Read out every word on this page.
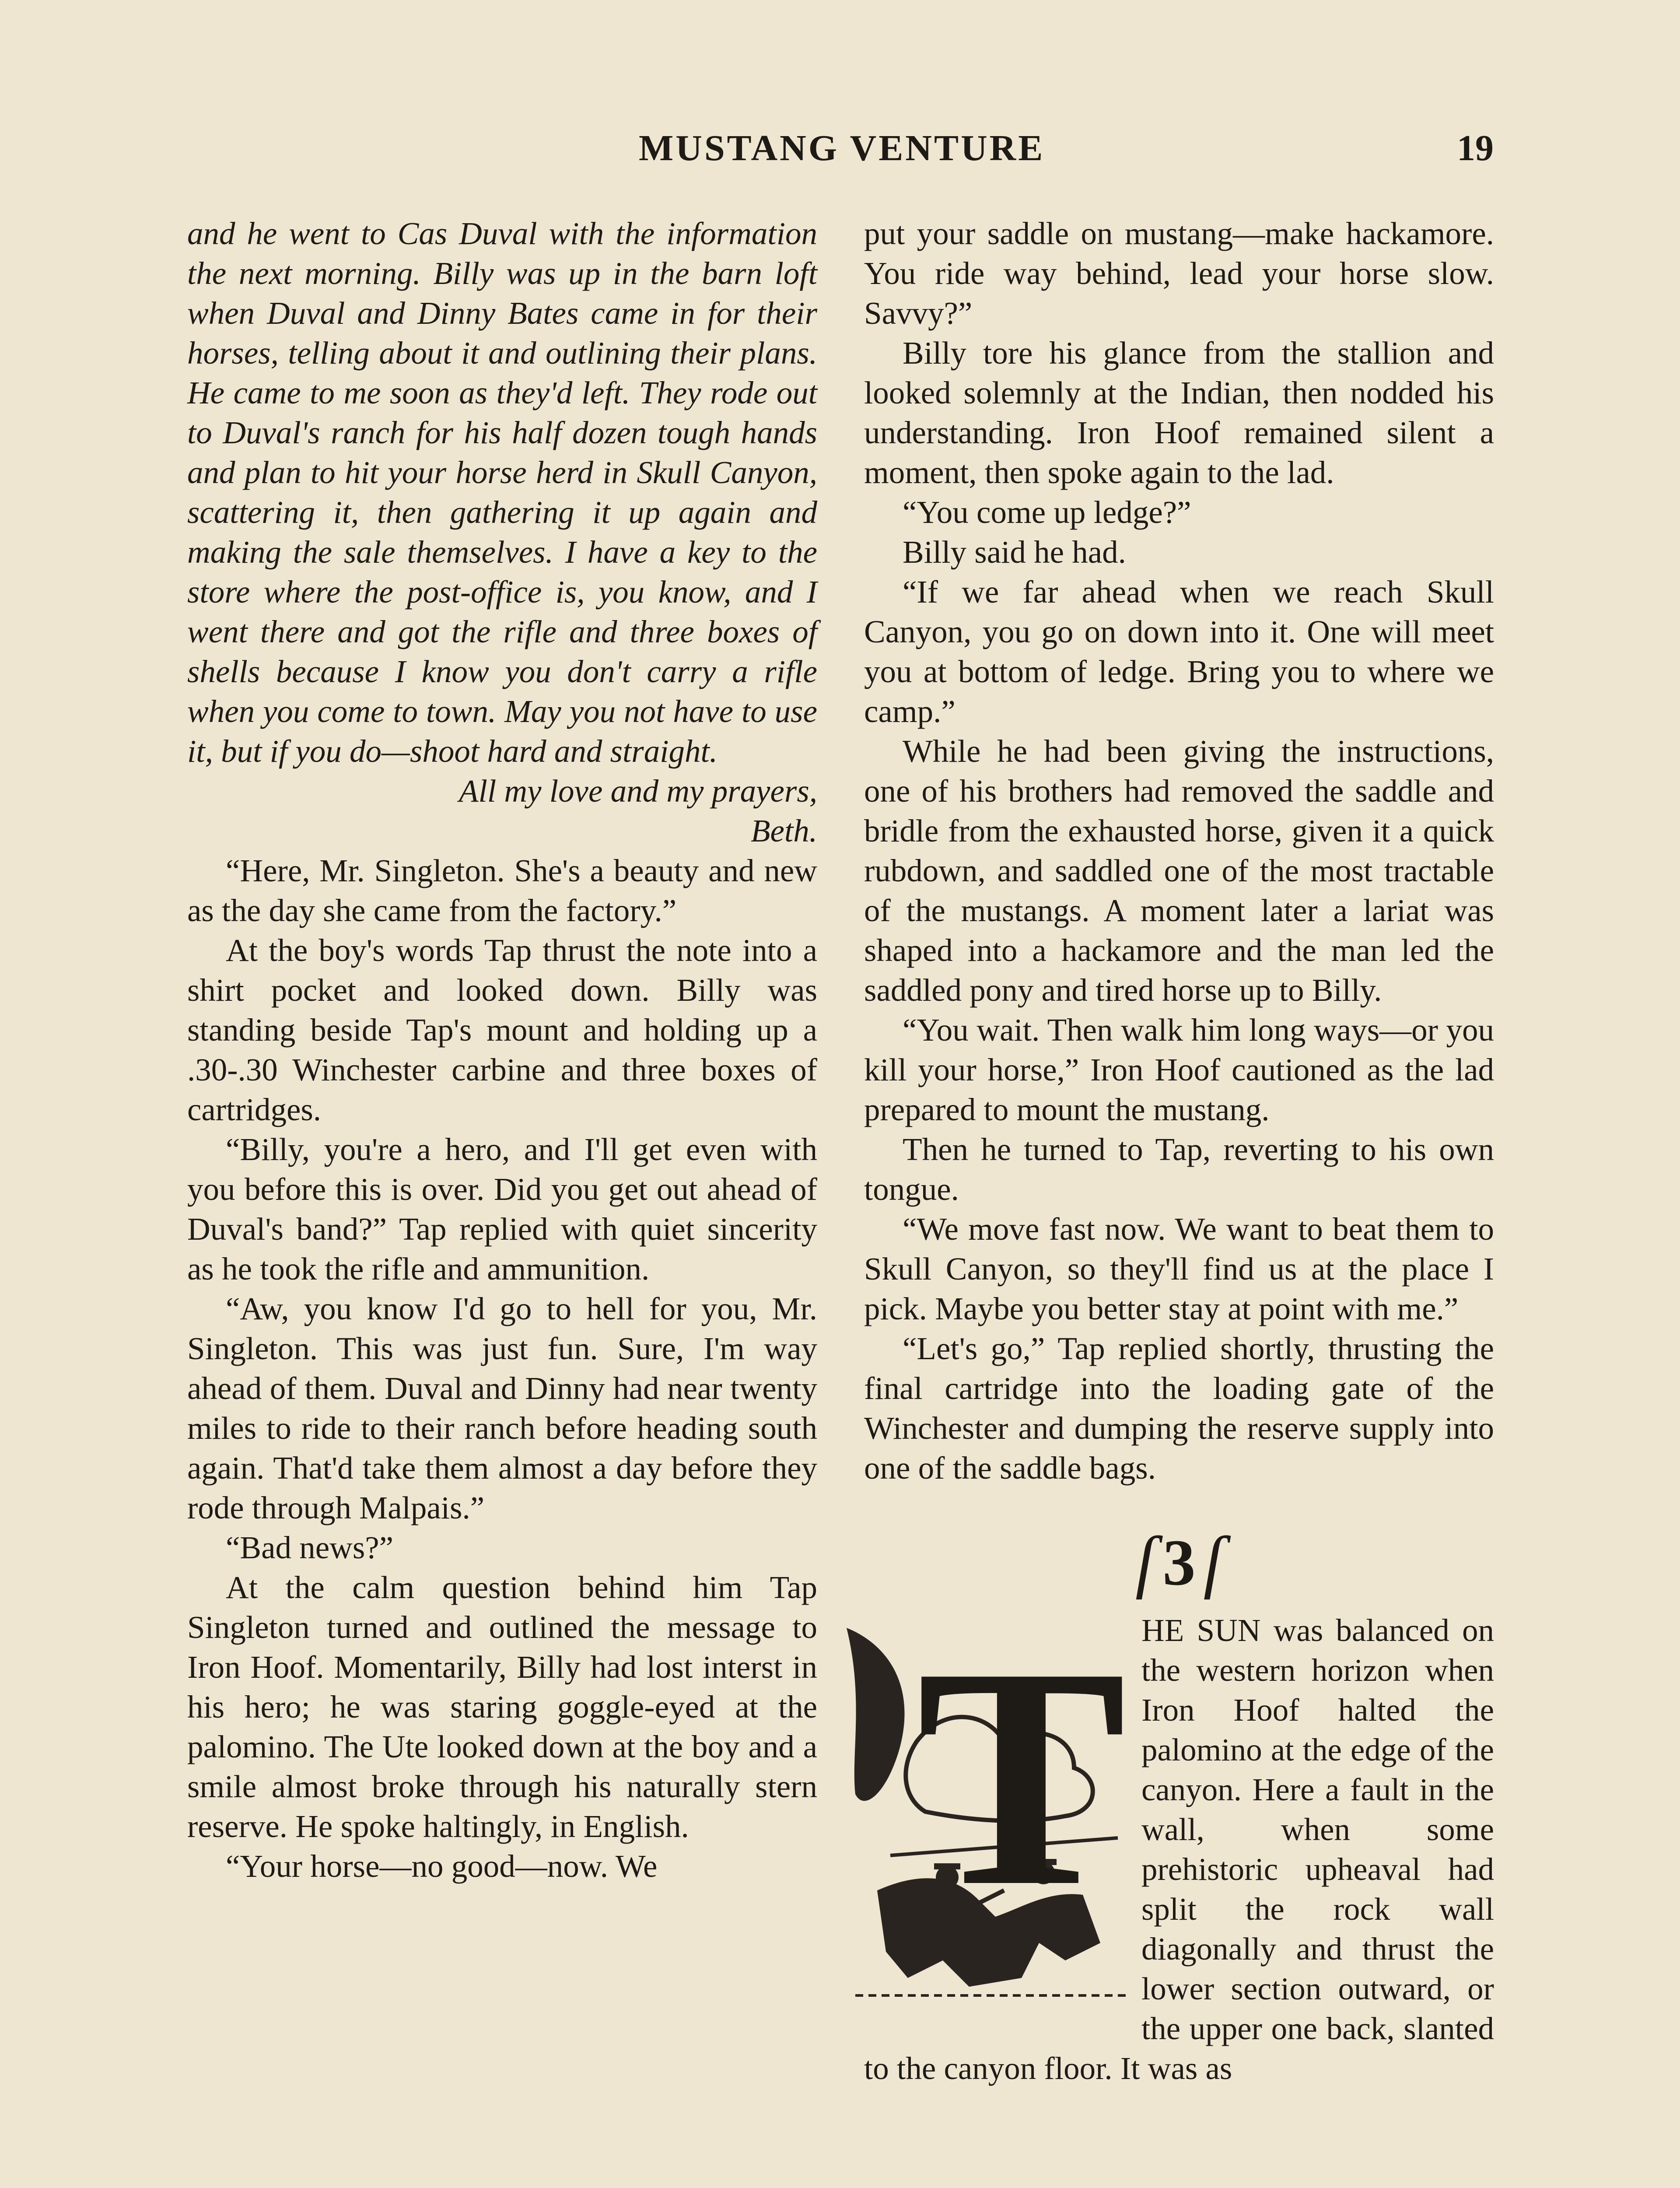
MUSTANG VENTURE	19

and he went to Cas Duval with the information the next morning. Billy was up in the barn loft when Duval and Dinny Bates came in for their horses, telling about it and outlining their plans. He came to me soon as they'd left. They rode out to Duval's ranch for his half dozen tough hands and plan to hit your horse herd in Skull Canyon, scattering it, then gathering it up again and making the sale themselves. I have a key to the store where the post-office is, you know, and I went there and got the rifle and three boxes of shells because I know you don't carry a rifle when you come to town. May you not have to use it, but if you do—shoot hard and straight.

All my love and my prayers,
Beth.

“Here, Mr. Singleton. She's a beauty and new as the day she came from the factory.”

At the boy's words Tap thrust the note into a shirt pocket and looked down. Billy was standing beside Tap's mount and holding up a .30-.30 Winchester carbine and three boxes of cartridges.

“Billy, you're a hero, and I'll get even with you before this is over. Did you get out ahead of Duval's band?” Tap replied with quiet sincerity as he took the rifle and ammunition.

“Aw, you know I'd go to hell for you, Mr. Singleton. This was just fun. Sure, I'm way ahead of them. Duval and Dinny had near twenty miles to ride to their ranch before heading south again. That'd take them almost a day before they rode through Malpais.”

“Bad news?”

At the calm question behind him Tap Singleton turned and outlined the message to Iron Hoof. Momentarily, Billy had lost interst in his hero; he was staring goggle-eyed at the palomino. The Ute looked down at the boy and a smile almost broke through his naturally stern reserve. He spoke haltingly, in English.

“Your horse—no good—now. We

put your saddle on mustang—make hackamore. You ride way behind, lead your horse slow. Savvy?”

Billy tore his glance from the stallion and looked solemnly at the Indian, then nodded his understanding. Iron Hoof remained silent a moment, then spoke again to the lad.

“You come up ledge?”

Billy said he had.

“If we far ahead when we reach Skull Canyon, you go on down into it. One will meet you at bottom of ledge. Bring you to where we camp.”

While he had been giving the instructions, one of his brothers had removed the saddle and bridle from the exhausted horse, given it a quick rubdown, and saddled one of the most tractable of the mustangs. A moment later a lariat was shaped into a hackamore and the man led the saddled pony and tired horse up to Billy.

“You wait. Then walk him long ways—or you kill your horse,” Iron Hoof cautioned as the lad prepared to mount the mustang.

Then he turned to Tap, reverting to his own tongue.

“We move fast now. We want to beat them to Skull Canyon, so they'll find us at the place I pick. Maybe you better stay at point with me.”

“Let's go,” Tap replied shortly, thrusting the final cartridge into the loading gate of the Winchester and dumping the reserve supply into one of the saddle bags.

ſ 3 ſ
T HE SUN was balanced on the western horizon when Iron Hoof halted the palomino at the edge of the canyon. Here a fault in the wall, when some prehistoric upheaval had split the rock wall diagonally and thrust the lower section outward, or the upper one back, slanted to the canyon floor. It was as
